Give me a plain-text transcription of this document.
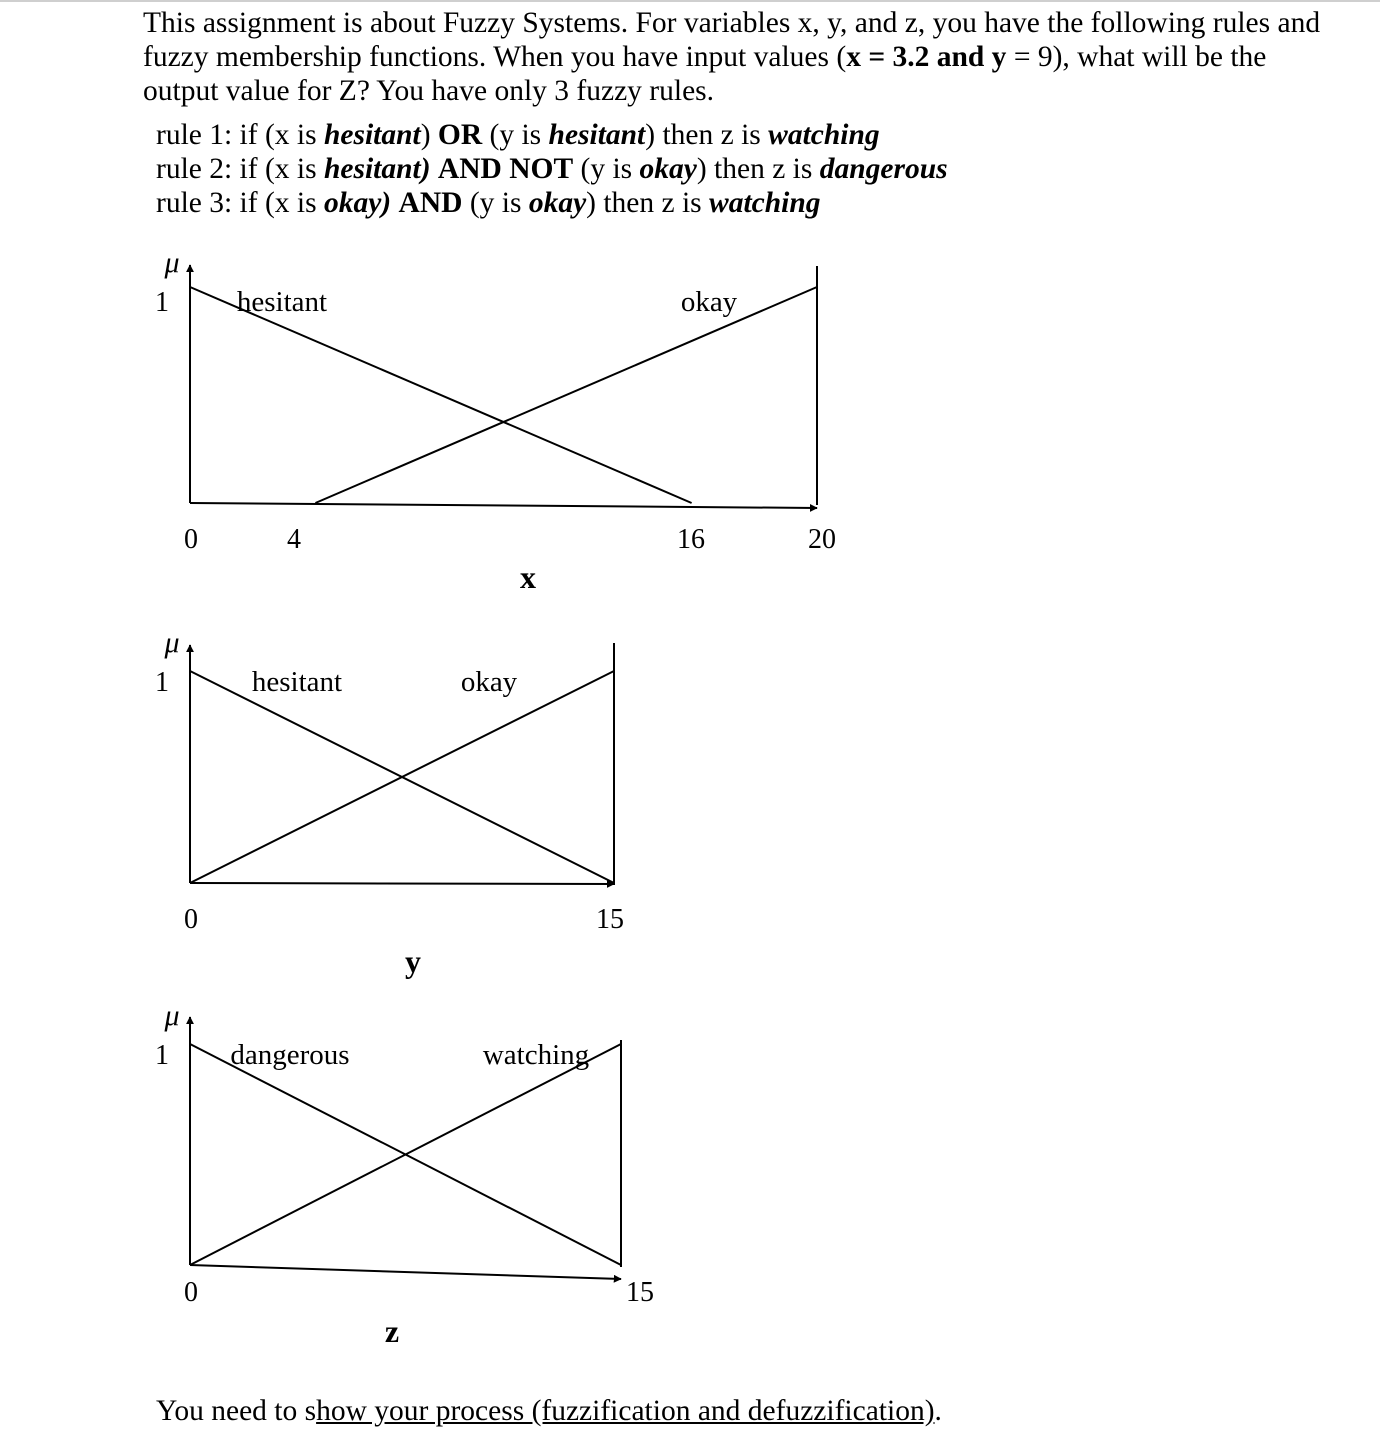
This assignment is about Fuzzy Systems. For variables x, y, and z, you have the following rules and fuzzy membership functions. When you have input values (x = 3.2 and y = 9), what will be the output value for Z? You have only 3 fuzzy rules.

rule 1: if (x is hesitant) OR (y is hesitant) then z is watching
rule 2: if (x is hesitant) AND NOT (y is okay) then z is dangerous
rule 3: if (x is okay) AND (y is okay) then z is watching
hesitant	okay
0	4	16	20
μ
1
x
hesitant	okay
0	15
μ
1
y
dangerous	watching
0	15
μ
1
z
You need to show your process (fuzzification and defuzzification).
